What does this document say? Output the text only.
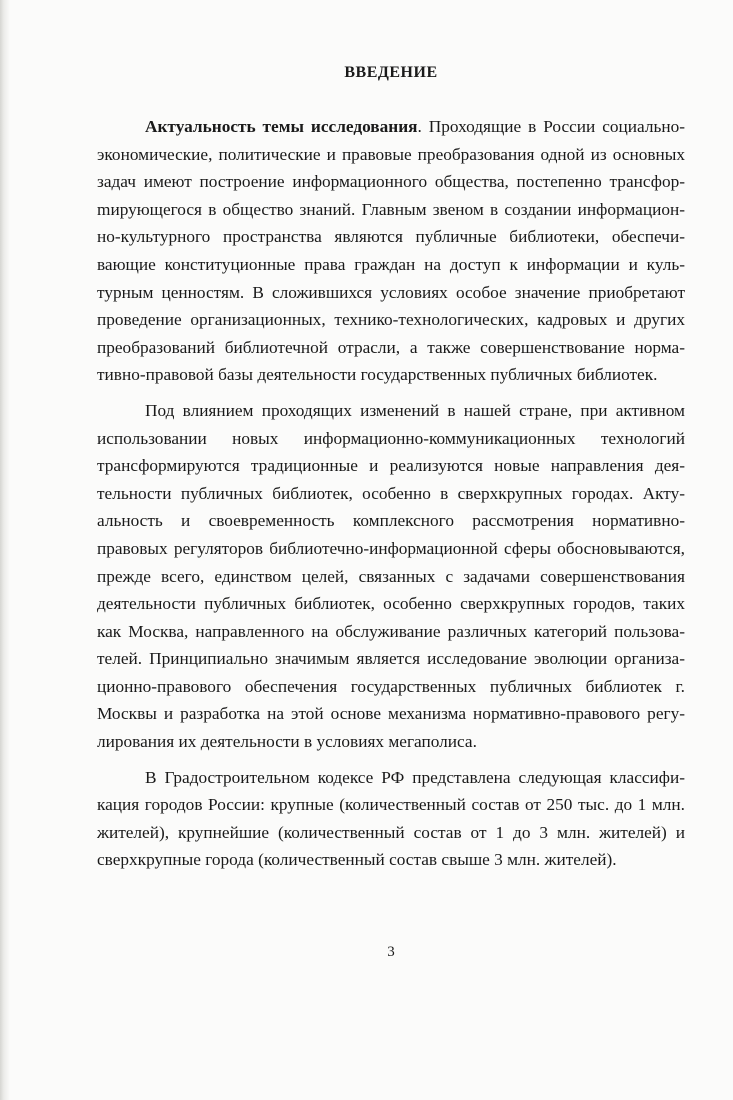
ВВЕДЕНИЕ

Актуальность темы исследования. Проходящие в России социально-экономические, политические и правовые преобразования одной из основных задач имеют построение информационного общества, постепенно трансфорmирующегося в общество знаний. Главным звеном в создании информационно-культурного пространства являются публичные библиотеки, обеспечивающие конституционные права граждан на доступ к информации и культурным ценностям. В сложившихся условиях особое значение приобретают проведение организационных, технико-технологических, кадровых и других преобразований библиотечной отрасли, а также совершенствование нормативно-правовой базы деятельности государственных публичных библиотек.

Под влиянием проходящих изменений в нашей стране, при активном использовании новых информационно-коммуникационных технологий трансформируются традиционные и реализуются новые направления деятельности публичных библиотек, особенно в сверхкрупных городах. Актуальность и своевременность комплексного рассмотрения нормативно-правовых регуляторов библиотечно-информационной сферы обосновываются, прежде всего, единством целей, связанных с задачами совершенствования деятельности публичных библиотек, особенно сверхкрупных городов, таких как Москва, направленного на обслуживание различных категорий пользователей. Принципиально значимым является исследование эволюции организационно-правового обеспечения государственных публичных библиотек г. Москвы и разработка на этой основе механизма нормативно-правового регулирования их деятельности в условиях мегаполиса.

В Градостроительном кодексе РФ представлена следующая классификация городов России: крупные (количественный состав от 250 тыс. до 1 млн. жителей), крупнейшие (количественный состав от 1 до 3 млн. жителей) и сверхкрупные города (количественный состав свыше 3 млн. жителей).

3
